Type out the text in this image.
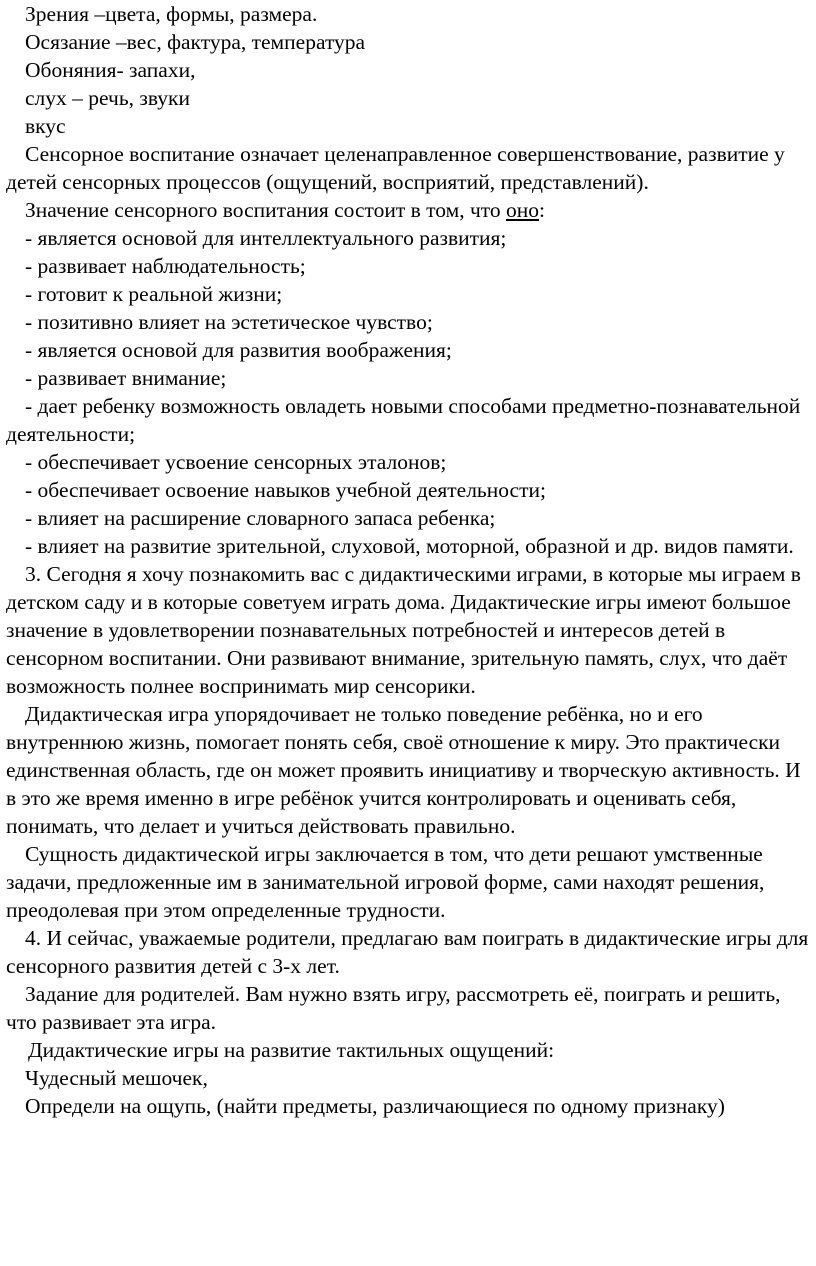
Зрения –цвета, формы, размера.

Осязание –вес, фактура, температура

Обоняния- запахи,

слух – речь, звуки

вкус

Сенсорное воспитание означает целенаправленное совершенствование, развитие у детей сенсорных процессов (ощущений, восприятий, представлений).

Значение сенсорного воспитания состоит в том, что оно:

- является основой для интеллектуального развития;

- развивает наблюдательность;

- готовит к реальной жизни;

- позитивно влияет на эстетическое чувство;

- является основой для развития воображения;

- развивает внимание;

- дает ребенку возможность овладеть новыми способами предметно-познавательной деятельности;

- обеспечивает усвоение сенсорных эталонов;

- обеспечивает освоение навыков учебной деятельности;

- влияет на расширение словарного запаса ребенка;

- влияет на развитие зрительной, слуховой, моторной, образной и др. видов памяти.

3. Сегодня я хочу познакомить вас с дидактическими играми, в которые мы играем в детском саду и в которые советуем играть дома. Дидактические игры имеют большое значение в удовлетворении познавательных потребностей и интересов детей в сенсорном воспитании. Они развивают внимание, зрительную память, слух, что даёт возможность полнее воспринимать мир сенсорики.

Дидактическая игра упорядочивает не только поведение ребёнка, но и его внутреннюю жизнь, помогает понять себя, своё отношение к миру. Это практически единственная область, где он может проявить инициативу и творческую активность. И в это же время именно в игре ребёнок учится контролировать и оценивать себя, понимать, что делает и учиться действовать правильно.

Сущность дидактической игры заключается в том, что дети решают умственные задачи, предложенные им в занимательной игровой форме, сами находят решения, преодолевая при этом определенные трудности.

4. И сейчас, уважаемые родители, предлагаю вам поиграть в дидактические игры для сенсорного развития детей с 3-х лет.

Задание для родителей. Вам нужно взять игру, рассмотреть её, поиграть и решить, что развивает эта игра.

Дидактические игры на развитие тактильных ощущений:

Чудесный мешочек,

Определи на ощупь, (найти предметы, различающиеся по одному признаку)
